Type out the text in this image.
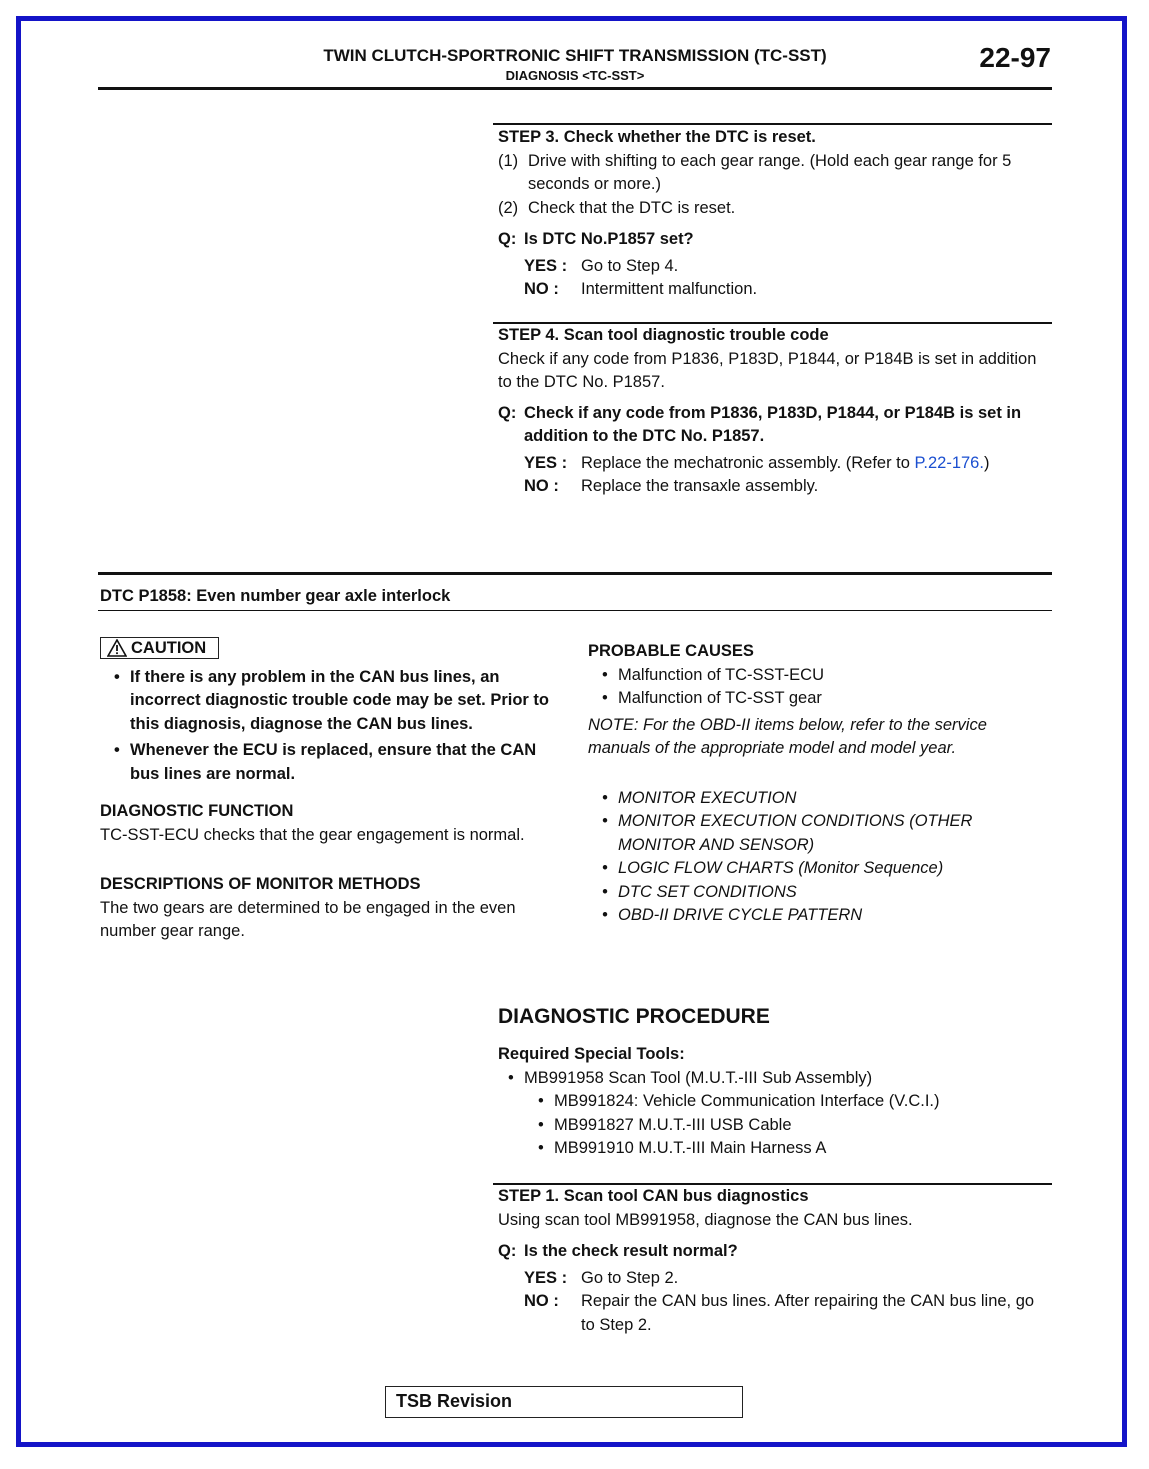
TWIN CLUTCH-SPORTRONIC SHIFT TRANSMISSION (TC-SST)
DIAGNOSIS <TC-SST>
22-97
STEP 3. Check whether the DTC is reset.
(1) Drive with shifting to each gear range. (Hold each gear range for 5 seconds or more.)
(2) Check that the DTC is reset.
Q: Is DTC No.P1857 set?
YES : Go to Step 4.
NO :	Intermittent malfunction.
STEP 4. Scan tool diagnostic trouble code
Check if any code from P1836, P183D, P1844, or P184B is set in addition to the DTC No. P1857.
Q: Check if any code from P1836, P183D, P1844, or P184B is set in addition to the DTC No. P1857.
YES : Replace the mechatronic assembly. (Refer to P.22-176.)
NO :	Replace the transaxle assembly.
DTC P1858: Even number gear axle interlock
CAUTION
• If there is any problem in the CAN bus lines, an incorrect diagnostic trouble code may be set. Prior to this diagnosis, diagnose the CAN bus lines.
• Whenever the ECU is replaced, ensure that the CAN bus lines are normal.
DIAGNOSTIC FUNCTION
TC-SST-ECU checks that the gear engagement is normal.
DESCRIPTIONS OF MONITOR METHODS
The two gears are determined to be engaged in the even number gear range.
PROBABLE CAUSES
• Malfunction of TC-SST-ECU
• Malfunction of TC-SST gear
NOTE: For the OBD-II items below, refer to the service manuals of the appropriate model and model year.
• MONITOR EXECUTION
• MONITOR EXECUTION CONDITIONS (OTHER MONITOR AND SENSOR)
• LOGIC FLOW CHARTS (Monitor Sequence)
• DTC SET CONDITIONS
• OBD-II DRIVE CYCLE PATTERN
DIAGNOSTIC PROCEDURE
Required Special Tools:
• MB991958 Scan Tool (M.U.T.-III Sub Assembly)
• MB991824: Vehicle Communication Interface (V.C.I.)
• MB991827 M.U.T.-III USB Cable
• MB991910 M.U.T.-III Main Harness A
STEP 1. Scan tool CAN bus diagnostics
Using scan tool MB991958, diagnose the CAN bus lines.
Q: Is the check result normal?
YES : Go to Step 2.
NO :	Repair the CAN bus lines. After repairing the CAN bus line, go to Step 2.
TSB Revision
